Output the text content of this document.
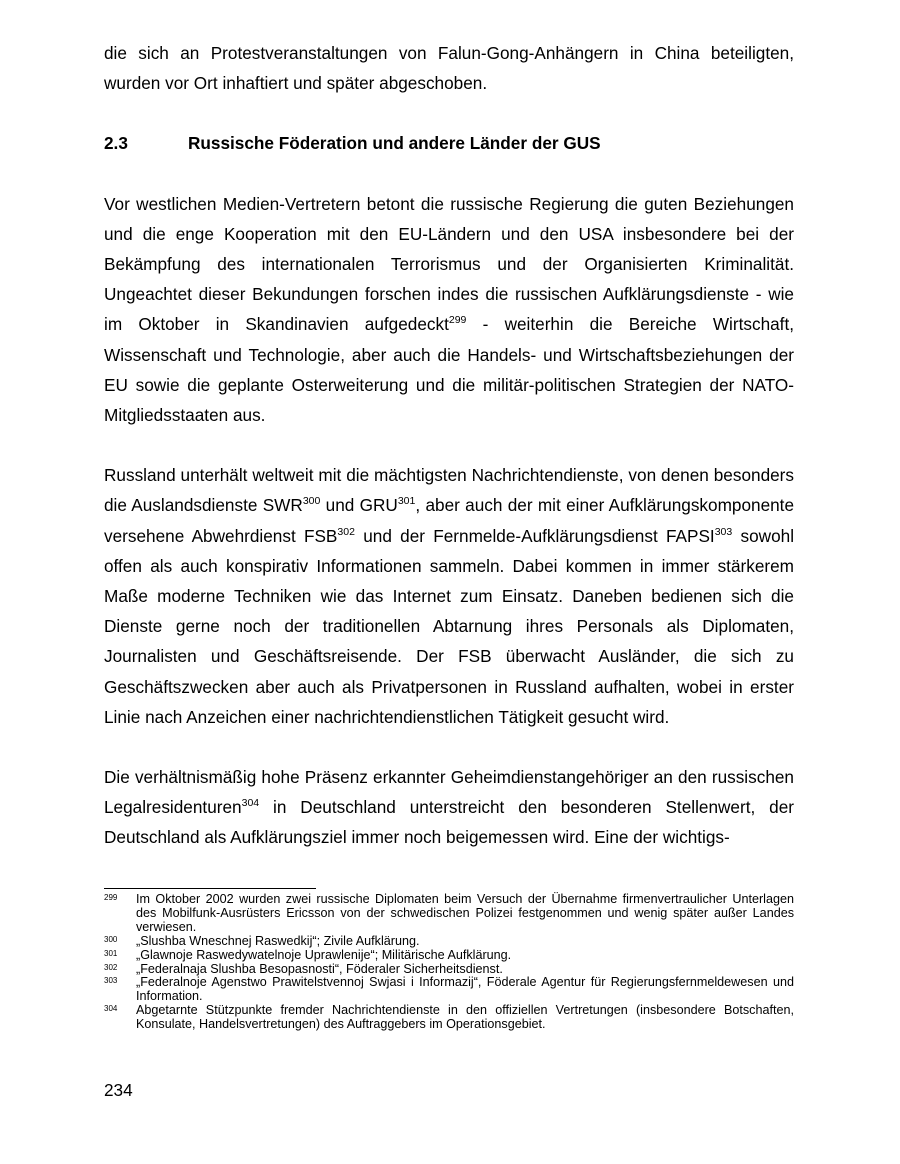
die sich an Protestveranstaltungen von Falun-Gong-Anhängern in China beteiligten, wurden vor Ort inhaftiert und später abgeschoben.

2.3	Russische Föderation und andere Länder der GUS

Vor westlichen Medien-Vertretern betont die russische Regierung die guten Beziehungen und die enge Kooperation mit den EU-Ländern und den USA insbesondere bei der Bekämpfung des internationalen Terrorismus und der Organisierten Kriminalität. Ungeachtet dieser Bekundungen forschen indes die russischen Aufklärungsdienste - wie im Oktober in Skandinavien aufgedeckt$^{299}$ - weiterhin die Bereiche Wirtschaft, Wissenschaft und Technologie, aber auch die Handels- und Wirtschaftsbeziehungen der EU sowie die geplante Osterweiterung und die militär-politischen Strategien der NATO-Mitgliedsstaaten aus.

Russland unterhält weltweit mit die mächtigsten Nachrichtendienste, von denen besonders die Auslandsdienste SWR$^{300}$ und GRU$^{301}$, aber auch der mit einer Aufklärungskomponente versehene Abwehrdienst FSB$^{302}$ und der Fernmelde-Aufklärungsdienst FAPSI$^{303}$ sowohl offen als auch konspirativ Informationen sammeln. Dabei kommen in immer stärkerem Maße moderne Techniken wie das Internet zum Einsatz. Daneben bedienen sich die Dienste gerne noch der traditionellen Abtarnung ihres Personals als Diplomaten, Journalisten und Geschäftsreisende. Der FSB überwacht Ausländer, die sich zu Geschäftszwecken aber auch als Privatpersonen in Russland aufhalten, wobei in erster Linie nach Anzeichen einer nachrichtendienstlichen Tätigkeit gesucht wird.

Die verhältnismäßig hohe Präsenz erkannter Geheimdienstangehöriger an den russischen Legalresidenturen$^{304}$ in Deutschland unterstreicht den besonderen Stellenwert, der Deutschland als Aufklärungsziel immer noch beigemessen wird. Eine der wichtigs-

299	Im Oktober 2002 wurden zwei russische Diplomaten beim Versuch der Übernahme firmenvertraulicher Unterlagen des Mobilfunk-Ausrüsters Ericsson von der schwedischen Polizei festgenommen und wenig später außer Landes verwiesen.
300	„Slushba Wneschnej Raswedkij“; Zivile Aufklärung.
301	„Glawnoje Raswedywatelnoje Uprawlenije“; Militärische Aufklärung.
302	„Federalnaja Slushba Besopasnosti“, Föderaler Sicherheitsdienst.
303	„Federalnoje Agenstwo Prawitelstvennoj Swjasi i Informazij“, Föderale Agentur für Regierungsfernmeldewesen und Information.
304	Abgetarnte Stützpunkte fremder Nachrichtendienste in den offiziellen Vertretungen (insbesondere Botschaften, Konsulate, Handelsvertretungen) des Auftraggebers im Operationsgebiet.
234
